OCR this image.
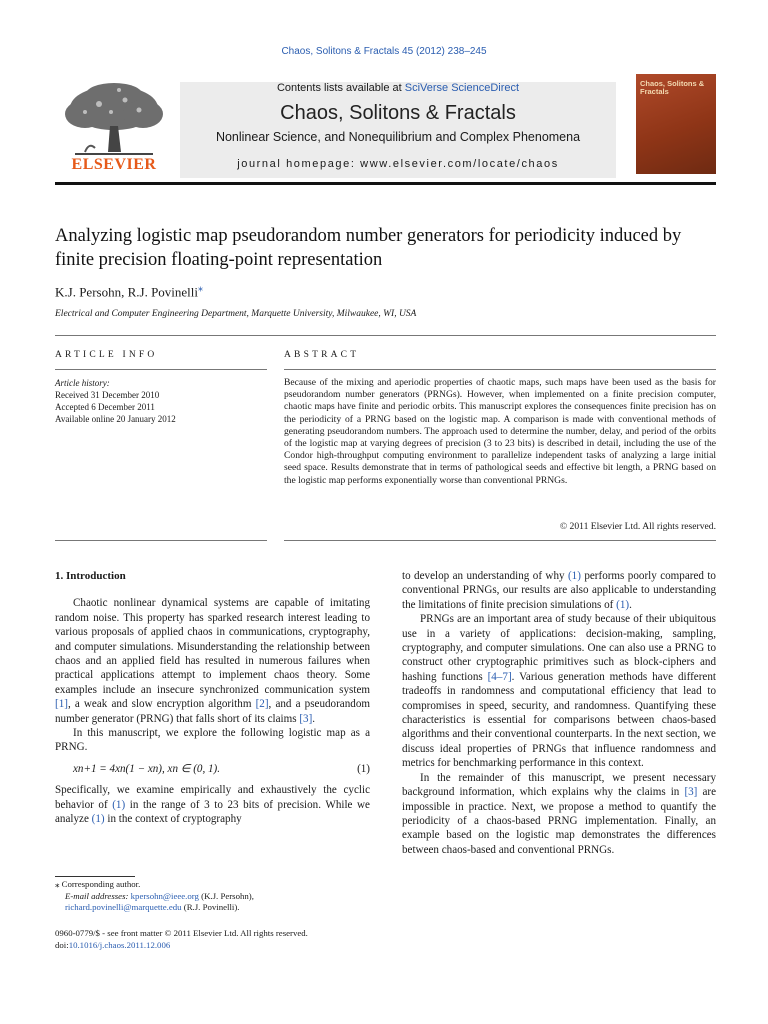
Chaos, Solitons & Fractals 45 (2012) 238–245
ELSEVIER
Contents lists available at SciVerse ScienceDirect
Chaos, Solitons & Fractals
Nonlinear Science, and Nonequilibrium and Complex Phenomena
journal homepage: www.elsevier.com/locate/chaos
Chaos, Solitons & Fractals
Analyzing logistic map pseudorandom number generators for periodicity induced by finite precision floating-point representation
K.J. Persohn, R.J. Povinelli⁎
Electrical and Computer Engineering Department, Marquette University, Milwaukee, WI, USA
ARTICLE INFO	ABSTRACT
Article history:
Received 31 December 2010
Accepted 6 December 2011
Available online 20 January 2012
Because of the mixing and aperiodic properties of chaotic maps, such maps have been used as the basis for pseudorandom number generators (PRNGs). However, when implemented on a finite precision computer, chaotic maps have finite and periodic orbits. This manuscript explores the consequences finite precision has on the periodicity of a PRNG based on the logistic map. A comparison is made with conventional methods of generating pseudorandom numbers. The approach used to determine the number, delay, and period of the orbits of the logistic map at varying degrees of precision (3 to 23 bits) is described in detail, including the use of the Condor high-throughput computing environment to parallelize independent tasks of analyzing a large initial seed space. Results demonstrate that in terms of pathological seeds and effective bit length, a PRNG based on the logistic map performs exponentially worse than conventional PRNGs.
© 2011 Elsevier Ltd. All rights reserved.

1. Introduction

Chaotic nonlinear dynamical systems are capable of imitating random noise. This property has sparked research interest leading to various proposals of applied chaos in communications, cryptography, and computer simulations. Misunderstanding the relationship between chaos and an applied field has resulted in numerous failures when practical applications attempt to implement chaos theory. Some examples include an insecure synchronized communication system [1], a weak and slow encryption algorithm [2], and a pseudorandom number generator (PRNG) that falls short of its claims [3].

In this manuscript, we explore the following logistic map as a PRNG.

xn+1 = 4xn(1 − xn), xn ∈ (0, 1).	(1)

Specifically, we examine empirically and exhaustively the cyclic behavior of (1) in the range of 3 to 23 bits of precision. While we analyze (1) in the context of cryptography

to develop an understanding of why (1) performs poorly compared to conventional PRNGs, our results are also applicable to understanding the limitations of finite precision simulations of (1).

PRNGs are an important area of study because of their ubiquitous use in a variety of applications: decision-making, sampling, cryptography, and computer simulations. One can also use a PRNG to construct other cryptographic primitives such as block-ciphers and hashing functions [4–7]. Various generation methods have different tradeoffs in randomness and computational efficiency that lead to compromises in speed, security, and randomness. Quantifying these characteristics is essential for comparisons between chaos-based algorithms and their conventional counterparts. In the next section, we discuss ideal properties of PRNGs that influence randomness and metrics for benchmarking performance in this context.

In the remainder of this manuscript, we present necessary background information, which explains why the claims in [3] are impossible in practice. Next, we propose a method to quantify the periodicity of a chaos-based PRNG implementation. Finally, an example based on the logistic map demonstrates the differences between chaos-based and conventional PRNGs.

⁎ Corresponding author.
E-mail addresses: kpersohn@ieee.org (K.J. Persohn), richard.povinelli@marquette.edu (R.J. Povinelli).
0960-0779/$ - see front matter © 2011 Elsevier Ltd. All rights reserved.
doi:10.1016/j.chaos.2011.12.006
